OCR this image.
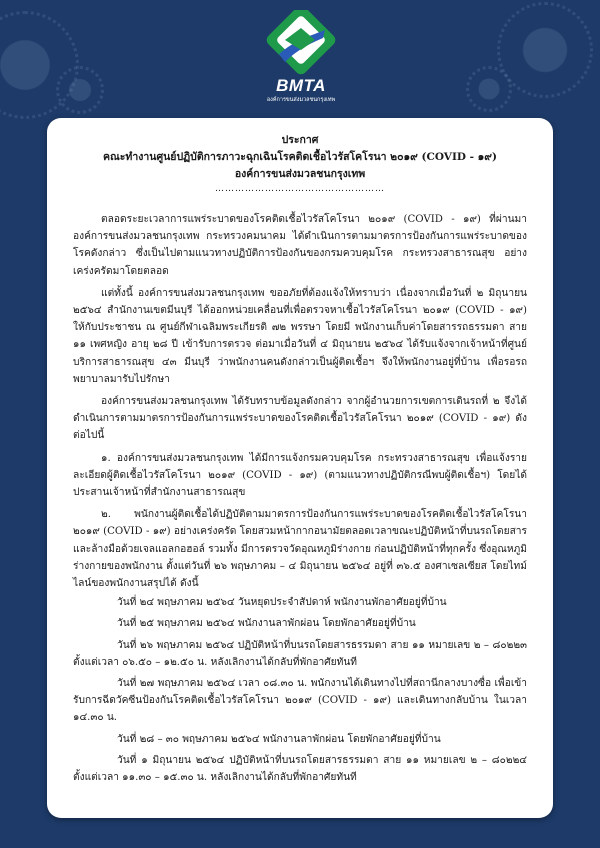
BMTA
องค์การขนส่งมวลชนกรุงเทพ
ประกาศ
คณะทำงานศูนย์ปฏิบัติการภาวะฉุกเฉินโรคติดเชื้อไวรัสโคโรนา ๒๐๑๙ (COVID - ๑๙)
องค์การขนส่งมวลชนกรุงเทพ
……………………………………………

ตลอดระยะเวลาการแพร่ระบาดของโรคติดเชื้อไวรัสโคโรนา ๒๐๑๙ (COVID - ๑๙) ที่ผ่านมาองค์การขนส่งมวลชนกรุงเทพ กระทรวงคมนาคม ได้ดำเนินการตามมาตรการป้องกันการแพร่ระบาดของโรคดังกล่าว ซึ่งเป็นไปตามแนวทางปฏิบัติการป้องกันของกรมควบคุมโรค กระทรวงสาธารณสุข อย่างเคร่งครัดมาโดยตลอด

แต่ทั้งนี้ องค์การขนส่งมวลชนกรุงเทพ ขออภัยที่ต้องแจ้งให้ทราบว่า เนื่องจากเมื่อวันที่ ๒ มิถุนายน ๒๕๖๔ สำนักงานเขตมีนบุรี ได้ออกหน่วยเคลื่อนที่เพื่อตรวจหาเชื้อไวรัสโคโรนา ๒๐๑๙ (COVID - ๑๙) ให้กับประชาชน ณ ศูนย์กีฬาเฉลิมพระเกียรติ ๗๒ พรรษา โดยมี พนักงานเก็บค่าโดยสารรถธรรมดา สาย ๑๑ เพศหญิง อายุ ๒๘ ปี เข้ารับการตรวจ ต่อมาเมื่อวันที่ ๔ มิถุนายน ๒๕๖๔ ได้รับแจ้งจากเจ้าหน้าที่ศูนย์บริการสาธารณสุข ๔๓ มีนบุรี ว่าพนักงานคนดังกล่าวเป็นผู้ติดเชื้อฯ จึงให้พนักงานอยู่ที่บ้าน เพื่อรอรถพยาบาลมารับไปรักษา

องค์การขนส่งมวลชนกรุงเทพ ได้รับทราบข้อมูลดังกล่าว จากผู้อำนวยการเขตการเดินรถที่ ๒ จึงได้ดำเนินการตามมาตรการป้องกันการแพร่ระบาดของโรคติดเชื้อไวรัสโคโรนา ๒๐๑๙ (COVID - ๑๙) ดังต่อไปนี้

๑. องค์การขนส่งมวลชนกรุงเทพ ได้มีการแจ้งกรมควบคุมโรค กระทรวงสาธารณสุข เพื่อแจ้งรายละเอียดผู้ติดเชื้อไวรัสโคโรนา ๒๐๑๙ (COVID - ๑๙) (ตามแนวทางปฏิบัติกรณีพบผู้ติดเชื้อฯ) โดยได้ประสานเจ้าหน้าที่สำนักงานสาธารณสุข

๒. พนักงานผู้ติดเชื้อได้ปฏิบัติตามมาตรการป้องกันการแพร่ระบาดของโรคติดเชื้อไวรัสโคโรนา ๒๐๑๙ (COVID - ๑๙) อย่างเคร่งครัด โดยสวมหน้ากากอนามัยตลอดเวลาขณะปฏิบัติหน้าที่บนรถโดยสาร และล้างมือด้วยเจลแอลกอฮอล์ รวมทั้ง มีการตรวจวัดอุณหภูมิร่างกาย ก่อนปฏิบัติหน้าที่ทุกครั้ง ซึ่งอุณหภูมิร่างกายของพนักงาน ตั้งแต่วันที่ ๒๖ พฤษภาคม – ๔ มิถุนายน ๒๕๖๔ อยู่ที่ ๓๖.๕ องศาเซลเซียส โดยไทม์ไลน์ของพนักงานสรุปได้ ดังนี้

วันที่ ๒๔ พฤษภาคม ๒๕๖๔ วันหยุดประจำสัปดาห์ พนักงานพักอาศัยอยู่ที่บ้าน

วันที่ ๒๕ พฤษภาคม ๒๕๖๔ พนักงานลาพักผ่อน โดยพักอาศัยอยู่ที่บ้าน

วันที่ ๒๖ พฤษภาคม ๒๕๖๔ ปฏิบัติหน้าที่บนรถโดยสารธรรมดา สาย ๑๑ หมายเลข ๒ – ๘๐๒๒๓ ตั้งแต่เวลา ๐๖.๕๐ – ๑๒.๕๐ น. หลังเลิกงานได้กลับที่พักอาศัยทันที

วันที่ ๒๗ พฤษภาคม ๒๕๖๔ เวลา ๐๘.๓๐ น. พนักงานได้เดินทางไปที่สถานีกลางบางซื่อ เพื่อเข้ารับการฉีดวัคซีนป้องกันโรคติดเชื้อไวรัสโคโรนา ๒๐๑๙ (COVID - ๑๙) และเดินทางกลับบ้าน ในเวลา ๑๔.๓๐ น.

วันที่ ๒๘ – ๓๐ พฤษภาคม ๒๕๖๔ พนักงานลาพักผ่อน โดยพักอาศัยอยู่ที่บ้าน

วันที่ ๑ มิถุนายน ๒๕๖๔ ปฏิบัติหน้าที่บนรถโดยสารธรรมดา สาย ๑๑ หมายเลข ๒ – ๘๐๒๒๔ ตั้งแต่เวลา ๑๑.๓๐ – ๑๕.๓๐ น. หลังเลิกงานได้กลับที่พักอาศัยทันที
